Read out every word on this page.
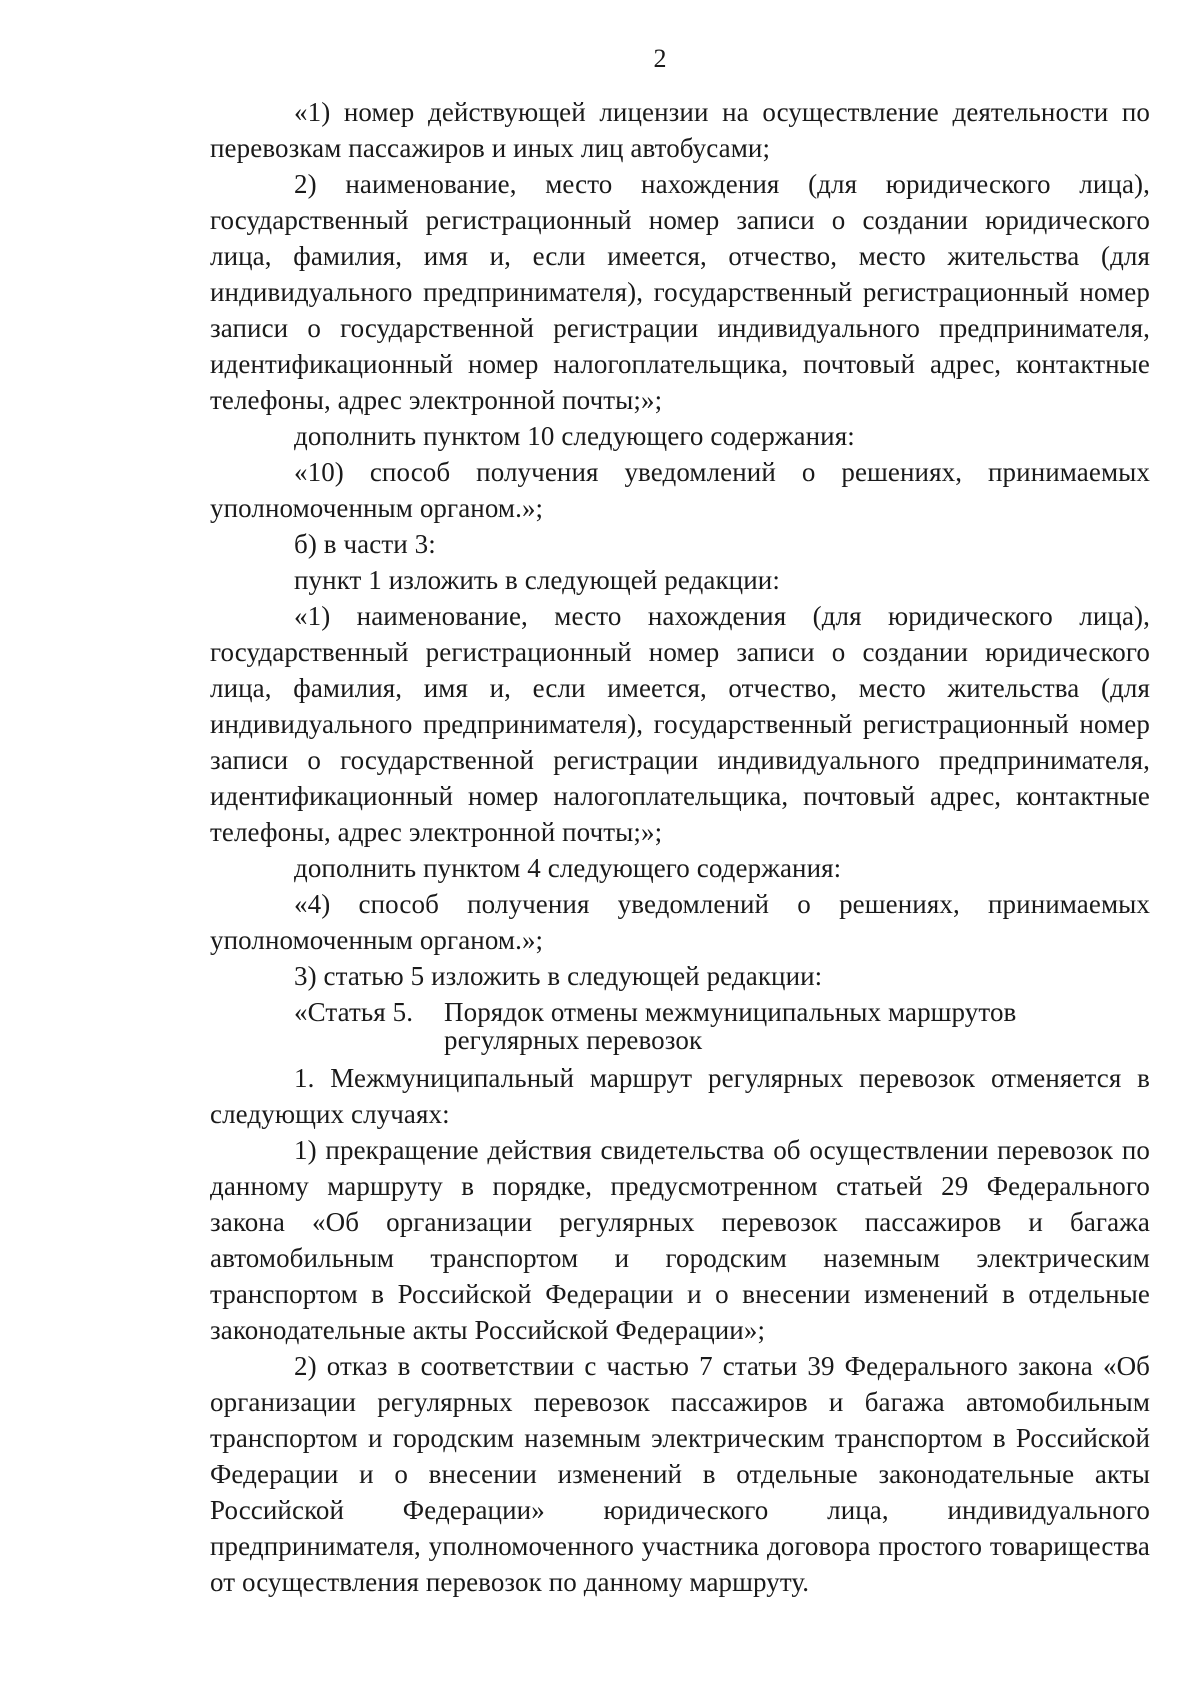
2

«1) номер действующей лицензии на осуществление деятельности по перевозкам пассажиров и иных лиц автобусами;

2) наименование, место нахождения (для юридического лица), государственный регистрационный номер записи о создании юридического лица, фамилия, имя и, если имеется, отчество, место жительства (для индивидуального предпринимателя), государственный регистрационный номер записи о государственной регистрации индивидуального предпринимателя, идентификационный номер налогоплательщика, почтовый адрес, контактные телефоны, адрес электронной почты;»;

дополнить пунктом 10 следующего содержания:

«10) способ получения уведомлений о решениях, принимаемых уполномоченным органом.»;

б) в части 3:

пункт 1 изложить в следующей редакции:

«1) наименование, место нахождения (для юридического лица), государственный регистрационный номер записи о создании юридического лица, фамилия, имя и, если имеется, отчество, место жительства (для индивидуального предпринимателя), государственный регистрационный номер записи о государственной регистрации индивидуального предпринимателя, идентификационный номер налогоплательщика, почтовый адрес, контактные телефоны, адрес электронной почты;»;

дополнить пунктом 4 следующего содержания:

«4) способ получения уведомлений о решениях, принимаемых уполномоченным органом.»;

3) статью 5 изложить в следующей редакции:

«Статья 5.	Порядок отмены межмуниципальных маршрутов
регулярных перевозок

1. Межмуниципальный маршрут регулярных перевозок отменяется в следующих случаях:

1) прекращение действия свидетельства об осуществлении перевозок по данному маршруту в порядке, предусмотренном статьей 29 Федерального закона «Об организации регулярных перевозок пассажиров и багажа автомобильным транспортом и городским наземным электрическим транспортом в Российской Федерации и о внесении изменений в отдельные законодательные акты Российской Федерации»;

2) отказ в соответствии с частью 7 статьи 39 Федерального закона «Об организации регулярных перевозок пассажиров и багажа автомобильным транспортом и городским наземным электрическим транспортом в Российской Федерации и о внесении изменений в отдельные законодательные акты Российской Федерации» юридического лица, индивидуального предпринимателя, уполномоченного участника договора простого товарищества от осуществления перевозок по данному маршруту.
